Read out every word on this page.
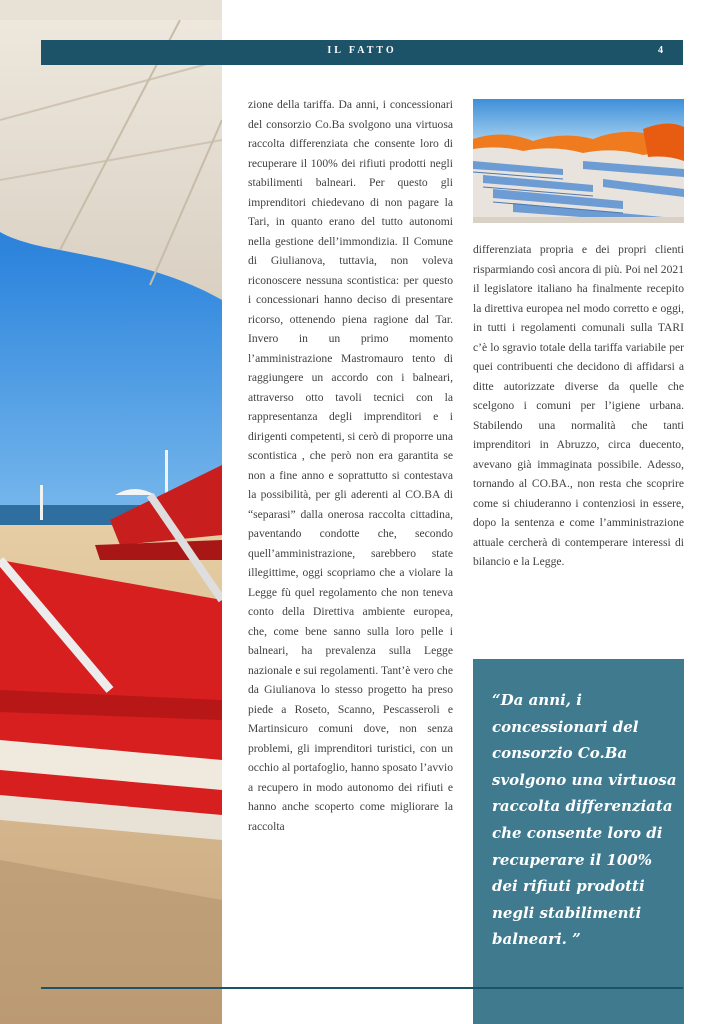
IL FATTO	4
zione della tariffa. Da anni, i concessionari del consorzio Co.Ba svolgono una virtuosa raccolta differenziata che consente loro di recuperare il 100% dei rifiuti prodotti negli stabilimenti balneari. Per questo gli imprenditori chiedevano di non pagare la Tari, in quanto erano del tutto autonomi nella gestione dell’immondizia. Il Comune di Giulianova, tuttavia, non voleva riconoscere nessuna scontistica: per questo i concessionari hanno deciso di presentare ricorso, ottenendo piena ragione dal Tar. Invero in un primo momento l’amministrazione Mastromauro tento di raggiungere un accordo con i balneari, attraverso otto tavoli tecnici con la rappresentanza degli imprenditori e i dirigenti competenti, si cerò di proporre una scontistica , che però non era garantita se non a fine anno e soprattutto si contestava la possibilità, per gli aderenti al CO.BA di “separasi” dalla onerosa raccolta cittadina, paventando condotte che, secondo quell’amministrazione, sarebbero state illegittime, oggi scopriamo che a violare la Legge fù quel regolamento che non teneva conto della Direttiva ambiente europea, che, come bene sanno sulla loro pelle i balneari, ha prevalenza sulla Legge nazionale e sui regolamenti. Tant’è vero che da Giulianova lo stesso progetto ha preso piede a Roseto, Scanno, Pescasseroli e Martinsicuro comuni dove, non senza problemi, gli imprenditori turistici, con un occhio al portafoglio, hanno sposato l’avvio a recupero in modo autonomo dei rifiuti e hanno anche scoperto come migliorare la raccolta
differenziata propria e dei propri clienti risparmiando così ancora di più. Poi nel 2021 il legislatore italiano ha finalmente recepito la direttiva europea nel modo corretto e oggi, in tutti i regolamenti comunali sulla TARI c’è lo sgravio totale della tariffa variabile per quei contribuenti che decidono di affidarsi a ditte autorizzate diverse da quelle che scelgono i comuni per l’igiene urbana. Stabilendo una normalità che tanti imprenditori in Abruzzo, circa duecento, avevano già immaginata possibile. Adesso, tornando al CO.BA., non resta che scoprire come si chiuderanno i contenziosi in essere, dopo la sentenza e come l’amministrazione attuale cercherà di contemperare interessi di bilancio e la Legge.
“Da anni, i concessionari del consorzio Co.Ba svolgono una virtuosa raccolta differenziata che consente loro di recuperare il 100% dei rifiuti prodotti negli stabilimenti balneari. ”
